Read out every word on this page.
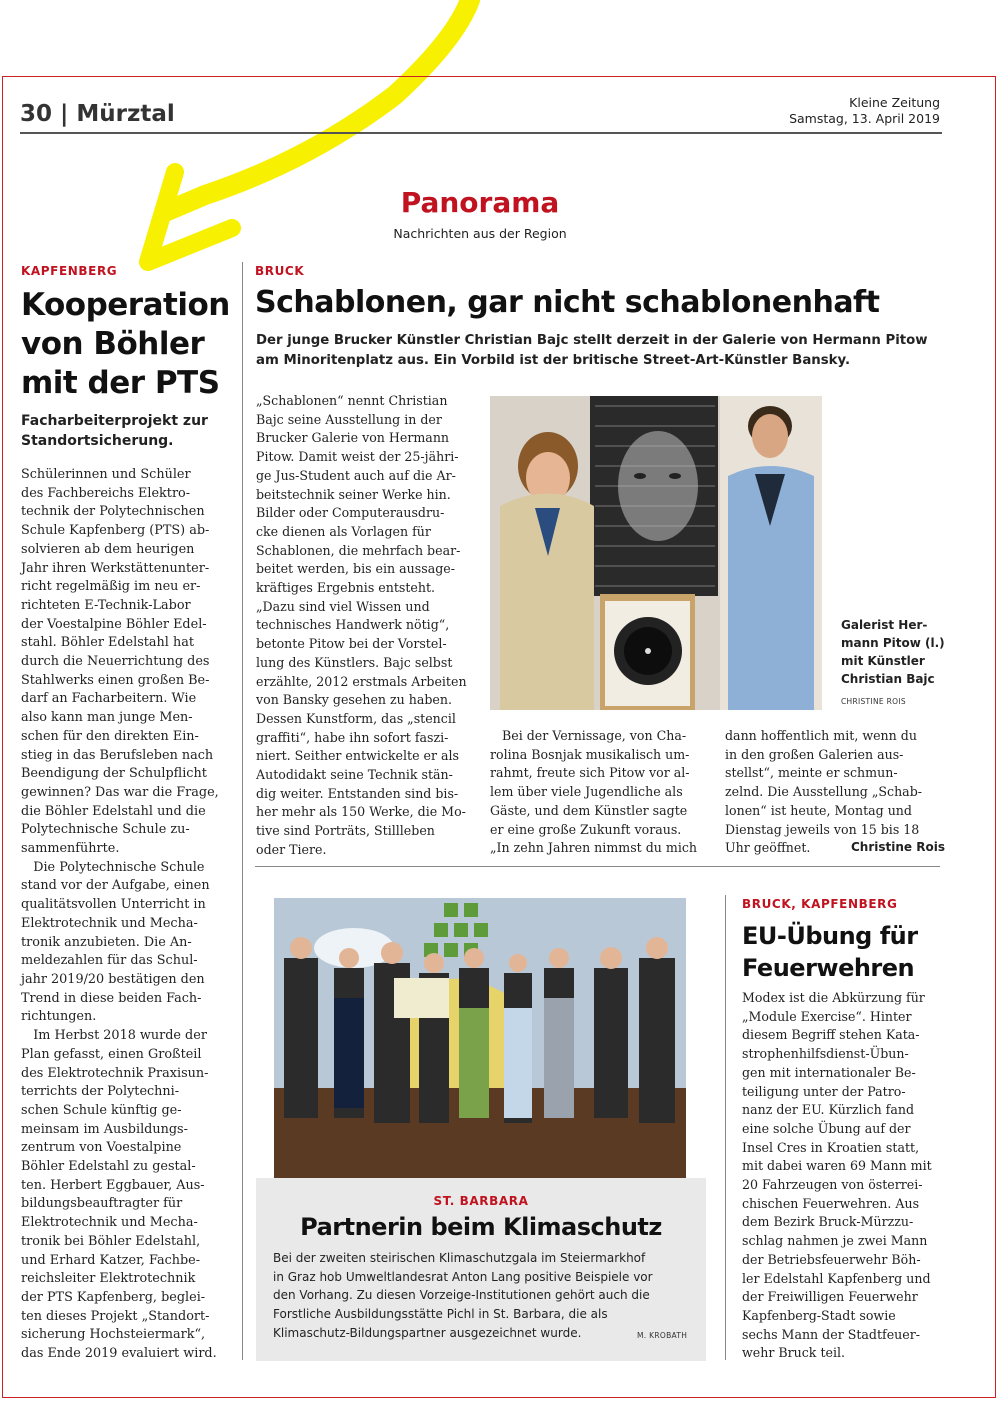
30 | Mürztal	Kleine Zeitung
Samstag, 13. April 2019
Panorama
Nachrichten aus der Region
KAPFENBERG
Kooperation
von Böhler
mit der PTS
Facharbeiterprojekt zur
Standortsicherung.
Schülerinnen und Schüler
des Fachbereichs Elektro-
technik der Polytechnischen
Schule Kapfenberg (PTS) ab-
solvieren ab dem heurigen
Jahr ihren Werkstättenunter-
richt regelmäßig im neu er-
richteten E-Technik-Labor
der Voestalpine Böhler Edel-
stahl. Böhler Edelstahl hat
durch die Neuerrichtung des
Stahlwerks einen großen Be-
darf an Facharbeitern. Wie
also kann man junge Men-
schen für den direkten Ein-
stieg in das Berufsleben nach
Beendigung der Schulpflicht
gewinnen? Das war die Frage,
die Böhler Edelstahl und die
Polytechnische Schule zu-
sammenführte.
Die Polytechnische Schule
stand vor der Aufgabe, einen
qualitätsvollen Unterricht in
Elektrotechnik und Mecha-
tronik anzubieten. Die An-
meldezahlen für das Schul-
jahr 2019/20 bestätigen den
Trend in diese beiden Fach-
richtungen.
Im Herbst 2018 wurde der
Plan gefasst, einen Großteil
des Elektrotechnik Praxisun-
terrichts der Polytechni-
schen Schule künftig ge-
meinsam im Ausbildungs-
zentrum von Voestalpine
Böhler Edelstahl zu gestal-
ten. Herbert Eggbauer, Aus-
bildungsbeauftragter für
Elektrotechnik und Mecha-
tronik bei Böhler Edelstahl,
und Erhard Katzer, Fachbe-
reichsleiter Elektrotechnik
der PTS Kapfenberg, beglei-
ten dieses Projekt „Standort-
sicherung Hochsteiermark“,
das Ende 2019 evaluiert wird.
BRUCK
Schablonen, gar nicht schablonenhaft
Der junge Brucker Künstler Christian Bajc stellt derzeit in der Galerie von Hermann Pitow
am Minoritenplatz aus. Ein Vorbild ist der britische Street-Art-Künstler Bansky.
„Schablonen“ nennt Christian
Bajc seine Ausstellung in der
Brucker Galerie von Hermann
Pitow. Damit weist der 25-jähri-
ge Jus-Student auch auf die Ar-
beitstechnik seiner Werke hin.
Bilder oder Computerausdru-
cke dienen als Vorlagen für
Schablonen, die mehrfach bear-
beitet werden, bis ein aussage-
kräftiges Ergebnis entsteht.
„Dazu sind viel Wissen und
technisches Handwerk nötig“,
betonte Pitow bei der Vorstel-
lung des Künstlers. Bajc selbst
erzählte, 2012 erstmals Arbeiten
von Bansky gesehen zu haben.
Dessen Kunstform, das „stencil
graffiti“, habe ihn sofort faszi-
niert. Seither entwickelte er als
Autodidakt seine Technik stän-
dig weiter. Entstanden sind bis-
her mehr als 150 Werke, die Mo-
tive sind Porträts, Stillleben
oder Tiere.
Galerist Her-
mann Pitow (l.)
mit Künstler
Christian Bajc
CHRISTINE ROIS
Bei der Vernissage, von Cha-
rolina Bosnjak musikalisch um-
rahmt, freute sich Pitow vor al-
lem über viele Jugendliche als
Gäste, und dem Künstler sagte
er eine große Zukunft voraus.
„In zehn Jahren nimmst du mich
dann hoffentlich mit, wenn du
in den großen Galerien aus-
stellst“, meinte er schmun-
zelnd. Die Ausstellung „Schab-
lonen“ ist heute, Montag und
Dienstag jeweils von 15 bis 18
Uhr geöffnet.	Christine Rois
ST. BARBARA
Partnerin beim Klimaschutz
Bei der zweiten steirischen Klimaschutzgala im Steiermarkhof
in Graz hob Umweltlandesrat Anton Lang positive Beispiele vor
den Vorhang. Zu diesen Vorzeige-Institutionen gehört auch die
Forstliche Ausbildungsstätte Pichl in St. Barbara, die als
Klimaschutz-Bildungspartner ausgezeichnet wurde.	M. KROBATH
BRUCK, KAPFENBERG
EU-Übung für
Feuerwehren
Modex ist die Abkürzung für
„Module Exercise“. Hinter
diesem Begriff stehen Kata-
strophenhilfsdienst-Übun-
gen mit internationaler Be-
teiligung unter der Patro-
nanz der EU. Kürzlich fand
eine solche Übung auf der
Insel Cres in Kroatien statt,
mit dabei waren 69 Mann mit
20 Fahrzeugen von österrei-
chischen Feuerwehren. Aus
dem Bezirk Bruck-Mürzzu-
schlag nahmen je zwei Mann
der Betriebsfeuerwehr Böh-
ler Edelstahl Kapfenberg und
der Freiwilligen Feuerwehr
Kapfenberg-Stadt sowie
sechs Mann der Stadtfeuer-
wehr Bruck teil.
